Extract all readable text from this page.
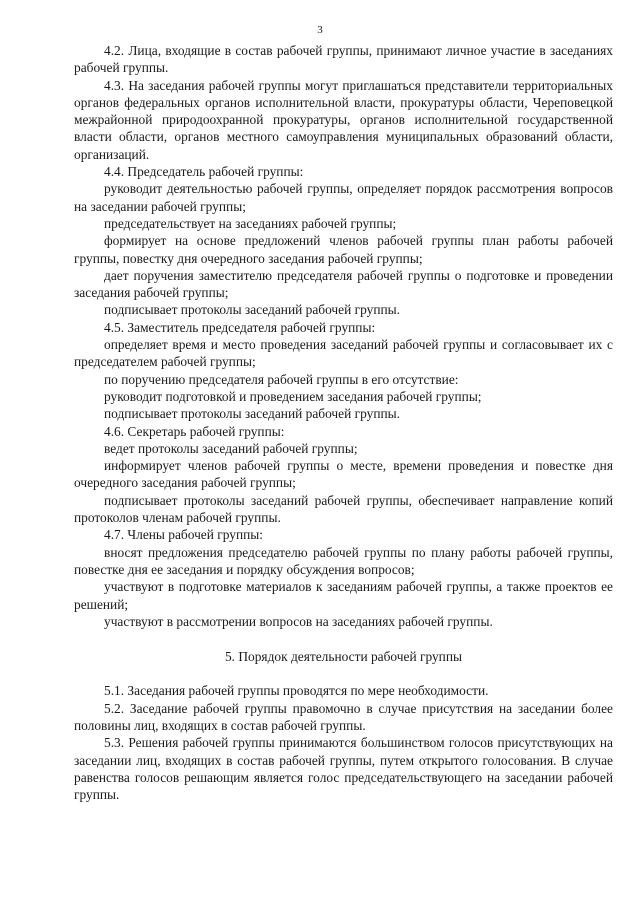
3

4.2. Лица, входящие в состав рабочей группы, принимают личное участие в заседаниях рабочей группы.

4.3. На заседания рабочей группы могут приглашаться представители территориальных органов федеральных органов исполнительной власти, прокуратуры области, Череповецкой межрайонной природоохранной прокуратуры, органов исполнительной государственной власти области, органов местного самоуправления муниципальных образований области, организаций.

4.4. Председатель рабочей группы:

руководит деятельностью рабочей группы, определяет порядок рассмотрения вопросов на заседании рабочей группы;

председательствует на заседаниях рабочей группы;

формирует на основе предложений членов рабочей группы план работы рабочей группы, повестку дня очередного заседания рабочей группы;

дает поручения заместителю председателя рабочей группы о подготовке и проведении заседания рабочей группы;

подписывает протоколы заседаний рабочей группы.

4.5. Заместитель председателя рабочей группы:

определяет время и место проведения заседаний рабочей группы и согласовывает их с председателем рабочей группы;

по поручению председателя рабочей группы в его отсутствие:

руководит подготовкой и проведением заседания рабочей группы;

подписывает протоколы заседаний рабочей группы.

4.6. Секретарь рабочей группы:

ведет протоколы заседаний рабочей группы;

информирует членов рабочей группы о месте, времени проведения и повестке дня очередного заседания рабочей группы;

подписывает протоколы заседаний рабочей группы, обеспечивает направление копий протоколов членам рабочей группы.

4.7. Члены рабочей группы:

вносят предложения председателю рабочей группы по плану работы рабочей группы, повестке дня ее заседания и порядку обсуждения вопросов;

участвуют в подготовке материалов к заседаниям рабочей группы, а также проектов ее решений;

участвуют в рассмотрении вопросов на заседаниях рабочей группы.

5. Порядок деятельности рабочей группы

5.1. Заседания рабочей группы проводятся по мере необходимости.

5.2. Заседание рабочей группы правомочно в случае присутствия на заседании более половины лиц, входящих в состав рабочей группы.

5.3. Решения рабочей группы принимаются большинством голосов присутствующих на заседании лиц, входящих в состав рабочей группы, путем открытого голосования. В случае равенства голосов решающим является голос председательствующего на заседании рабочей группы.
